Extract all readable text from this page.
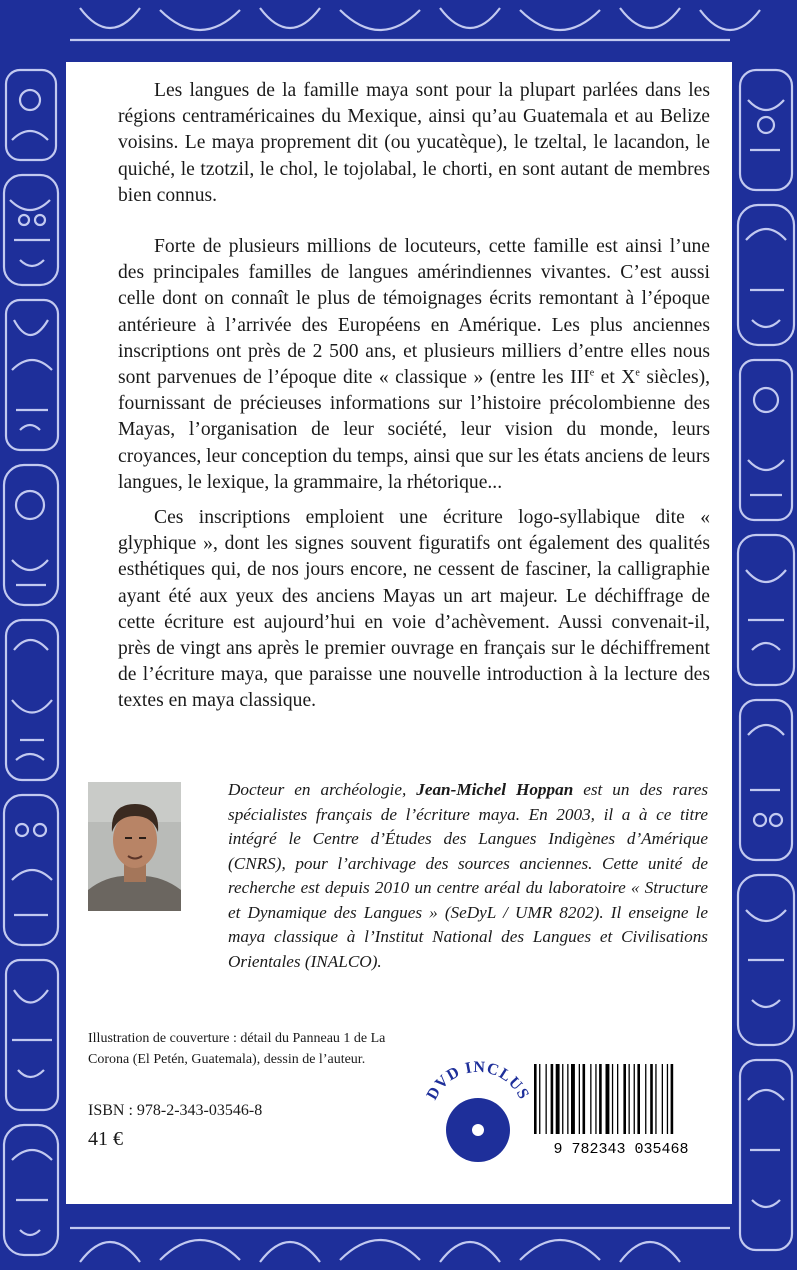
Les langues de la famille maya sont pour la plupart parlées dans les régions centraméricaines du Mexique, ainsi qu’au Guatemala et au Belize voisins. Le maya proprement dit (ou yucatèque), le tzeltal, le lacandon, le quiché, le tzotzil, le chol, le tojolabal, le chorti, en sont autant de membres bien connus.

Forte de plusieurs millions de locuteurs, cette famille est ainsi l’une des principales familles de langues amérindiennes vivantes. C’est aussi celle dont on connaît le plus de témoignages écrits remontant à l’époque antérieure à l’arrivée des Européens en Amérique. Les plus anciennes inscriptions ont près de 2 500 ans, et plusieurs milliers d’entre elles nous sont parvenues de l’époque dite « classique » (entre les IIIe et Xe siècles), fournissant de précieuses informations sur l’histoire précolombienne des Mayas, l’organisation de leur société, leur vision du monde, leurs croyances, leur conception du temps, ainsi que sur les états anciens de leurs langues, le lexique, la grammaire, la rhétorique...

Ces inscriptions emploient une écriture logo-syllabique dite « glyphique », dont les signes souvent figuratifs ont également des qualités esthétiques qui, de nos jours encore, ne cessent de fasciner, la calligraphie ayant été aux yeux des anciens Mayas un art majeur. Le déchiffrage de cette écriture est aujourd’hui en voie d’achèvement. Aussi convenait-il, près de vingt ans après le premier ouvrage en français sur le déchiffrement de l’écriture maya, que paraisse une nouvelle introduction à la lecture des textes en maya classique.

Docteur en archéologie, Jean-Michel Hoppan est un des rares spécialistes français de l’écriture maya. En 2003, il a à ce titre intégré le Centre d’Études des Langues Indigènes d’Amérique (CNRS), pour l’archivage des sources anciennes. Cette unité de recherche est depuis 2010 un centre aréal du laboratoire « Structure et Dynamique des Langues » (SeDyL / UMR 8202). Il enseigne le maya classique à l’Institut National des Langues et Civilisations Orientales (INALCO).

Illustration de couverture : détail du Panneau 1 de La Corona (El Petén, Guatemala), dessin de l’auteur.

ISBN : 978-2-343-03546-8

41 €

DVD INCLUS
9 782343 035468
